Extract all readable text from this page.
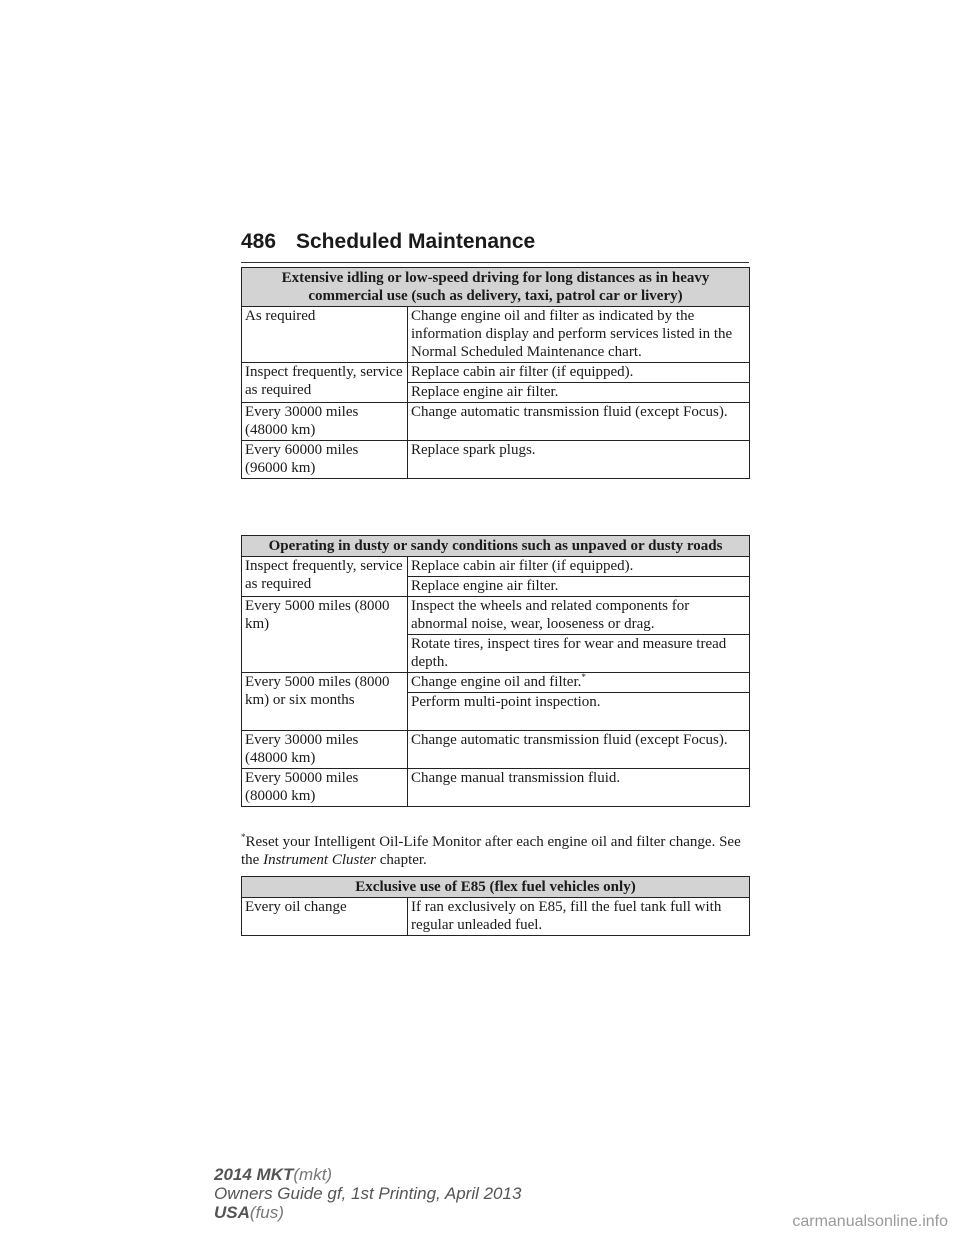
486 Scheduled Maintenance
Extensive idling or low-speed driving for long distances as in heavy commercial use (such as delivery, taxi, patrol car or livery)	
As required	Change engine oil and filter as indicated by the information display and perform services listed in the Normal Scheduled Maintenance chart.
Inspect frequently, service as required	Replace cabin air filter (if equipped).
	Replace engine air filter.
Every 30000 miles (48000 km)	Change automatic transmission fluid (except Focus).
Every 60000 miles (96000 km)	Replace spark plugs.
Operating in dusty or sandy conditions such as unpaved or dusty roads	
Inspect frequently, service as required	Replace cabin air filter (if equipped).
	Replace engine air filter.
Every 5000 miles (8000 km)	Inspect the wheels and related components for abnormal noise, wear, looseness or drag.
	Rotate tires, inspect tires for wear and measure tread depth.
Every 5000 miles (8000 km) or six months	Change engine oil and filter.*
	Perform multi-point inspection.
Every 30000 miles (48000 km)	Change automatic transmission fluid (except Focus).
Every 50000 miles (80000 km)	Change manual transmission fluid.
*Reset your Intelligent Oil-Life Monitor after each engine oil and filter change. See the Instrument Cluster chapter.
Exclusive use of E85 (flex fuel vehicles only)
Every oil change	If ran exclusively on E85, fill the fuel tank full with regular unleaded fuel.
2014 MKT(mkt)
Owners Guide gf, 1st Printing, April 2013
USA(fus)	carmanualsonline.info
